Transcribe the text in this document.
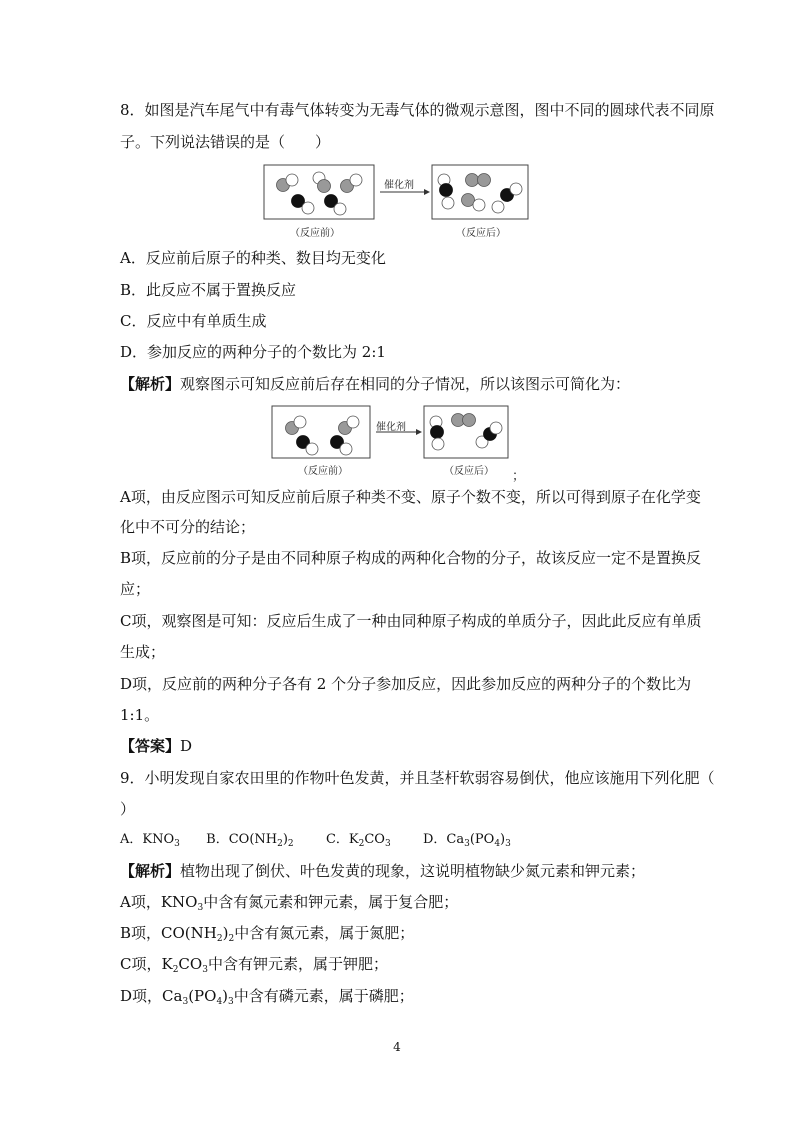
8．如图是汽车尾气中有毒气体转变为无毒气体的微观示意图，图中不同的圆球代表不同原
子。下列说法错误的是（　　）
催化剂
（反应前）	（反应后）
A．反应前后原子的种类、数目均无变化
B．此反应不属于置换反应
C．反应中有单质生成
D．参加反应的两种分子的个数比为 2:1
【解析】观察图示可知反应前后存在相同的分子情况，所以该图示可简化为：
催化剂
（反应前）	（反应后） ；
A项，由反应图示可知反应前后原子种类不变、原子个数不变，所以可得到原子在化学变
化中不可分的结论；
B项，反应前的分子是由不同种原子构成的两种化合物的分子，故该反应一定不是置换反
应；
C项，观察图是可知：反应后生成了一种由同种原子构成的单质分子，因此此反应有单质
生成；
D项，反应前的两种分子各有 2 个分子参加反应，因此参加反应的两种分子的个数比为
1:1。
【答案】D
9．小明发现自家农田里的作物叶色发黄，并且茎杆软弱容易倒伏，他应该施用下列化肥（
）
A．$KNO_3$ B．$CO(NH_2)_2$ C．$K_2CO_3$ D．$Ca_3(PO_4)_3$
【解析】植物出现了倒伏、叶色发黄的现象，这说明植物缺少氮元素和钾元素；
A项，$KNO_3$中含有氮元素和钾元素，属于复合肥；
B项，$CO(NH_2)_2$中含有氮元素，属于氮肥；
C项，$K_2CO_3$中含有钾元素，属于钾肥；
D项，$Ca_3(PO_4)_3$中含有磷元素，属于磷肥；
4
